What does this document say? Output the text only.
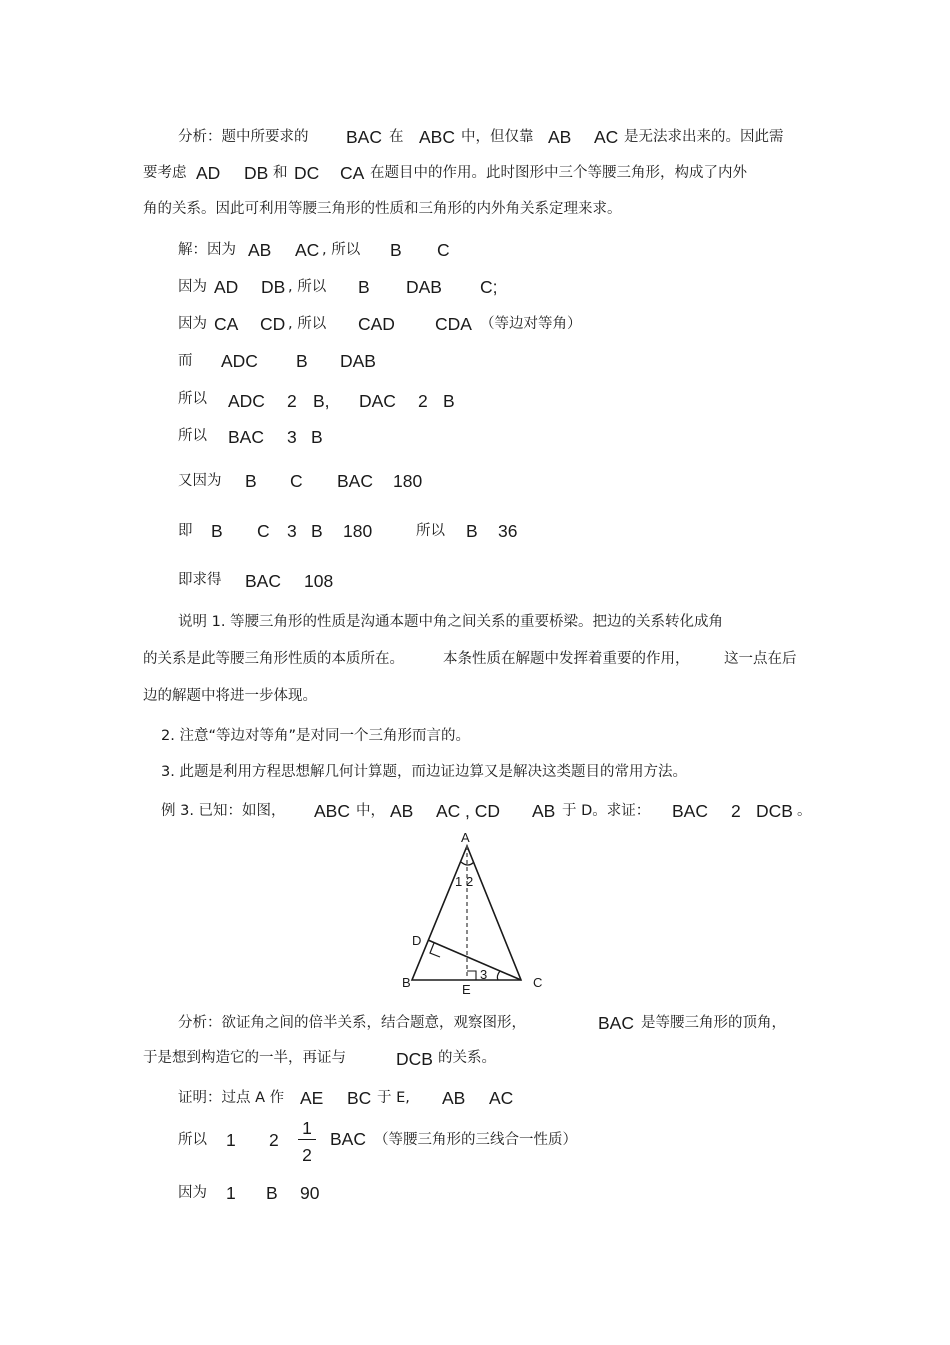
分析：题中所要求的 BAC 在 ABC 中，但仅靠 AB AC 是无法求出来的。因此需
要考虑 AD DB 和 DC CA 在题目中的作用。此时图形中三个等腰三角形，构成了内外
角的关系。因此可利用等腰三角形的性质和三角形的内外角关系定理来求。
解：因为 AB AC , 所以 B C
因为 AD DB , 所以 B DAB C;
因为 CA CD , 所以 CAD CDA （等边对等角）
而 ADC B DAB
所以 ADC 2 B, DAC 2 B
所以 BAC 3 B
又因为 B C BAC 180
即 B C 3 B 180	所以 B 36
即求得 BAC 108
说明 1. 等腰三角形的性质是沟通本题中角之间关系的重要桥梁。把边的关系转化成角
的关系是此等腰三角形性质的本质所在。	本条性质在解题中发挥着重要的作用， 这一点在后
边的解题中将进一步体现。
2. 注意“等边对等角”是对同一个三角形而言的。
3. 此题是利用方程思想解几何计算题，而边证边算又是解决这类题目的常用方法。
例 3. 已知：如图， ABC 中， AB AC , CD AB 于 D。求证： BAC 2 DCB 。
A
B	C
D
E
1 2
3
分析：欲证角之间的倍半关系，结合题意，观察图形，	BAC 是等腰三角形的顶角，
于是想到构造它的一半，再证与	DCB 的关系。
证明：过点 A 作 AE BC 于 E, AB AC
所以 1 2
1
2
BAC （等腰三角形的三线合一性质）
因为 1 B 90
